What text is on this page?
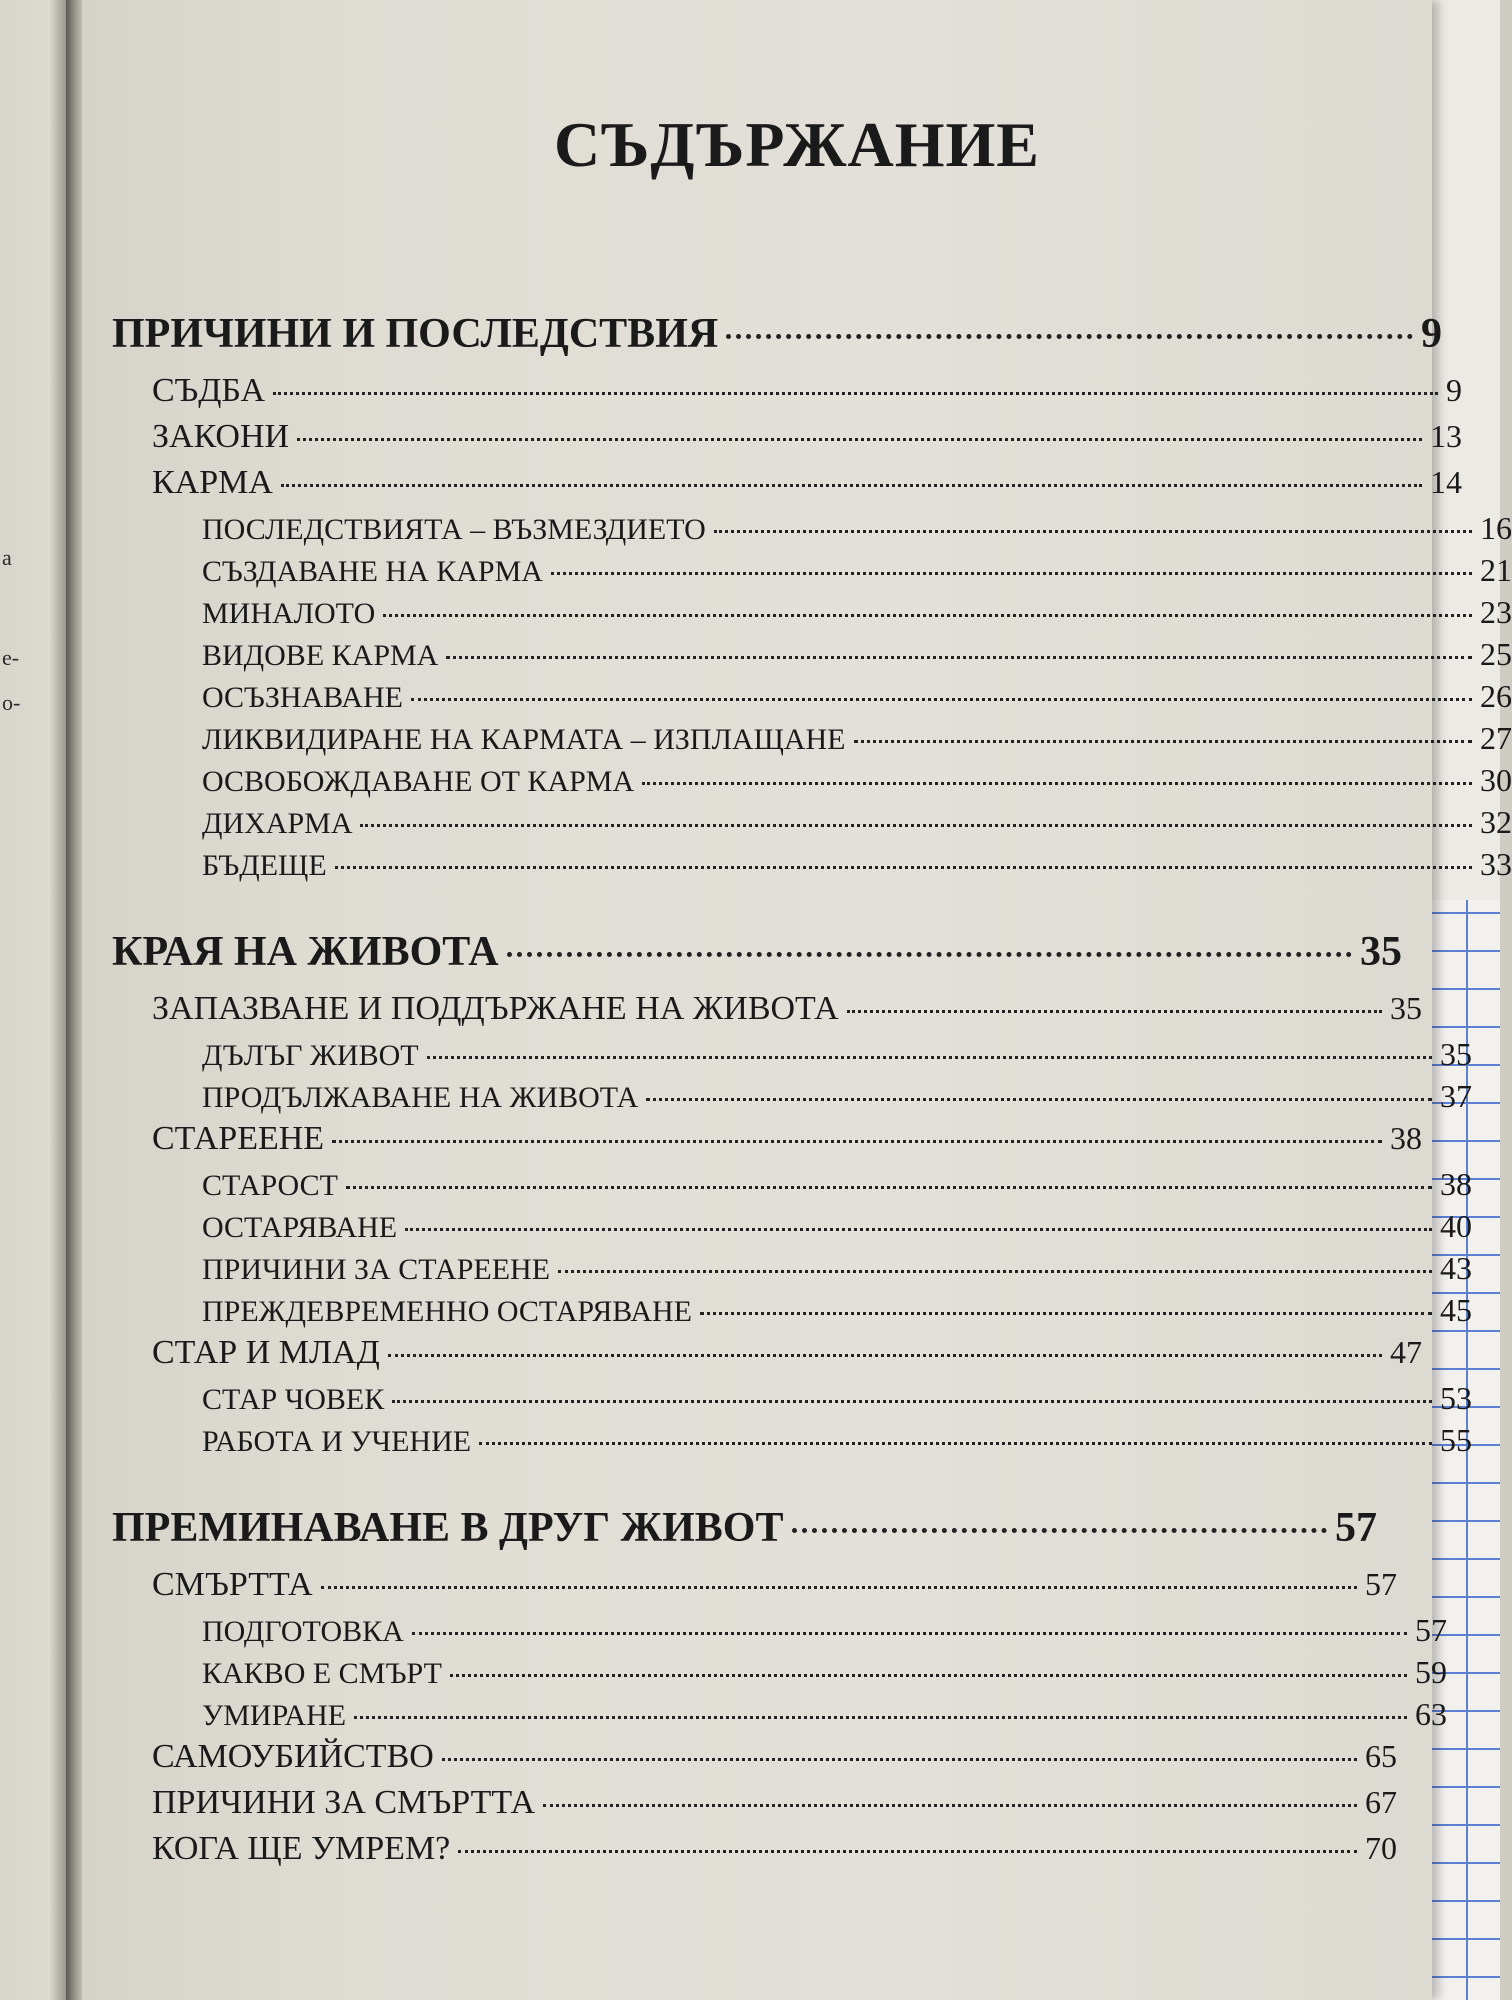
а
е-
о-
СЪДЪРЖАНИЕ
ПРИЧИНИ И ПОСЛЕДСТВИЯ	9
СЪДБА	9
ЗАКОНИ	13
КАРМА	14
ПОСЛЕДСТВИЯТА – ВЪЗМЕЗДИЕТО	16
СЪЗДАВАНЕ НА КАРМА	21
МИНАЛОТО	23
ВИДОВЕ КАРМА	25
ОСЪЗНАВАНЕ	26
ЛИКВИДИРАНЕ НА КАРМАТА – ИЗПЛАЩАНЕ	27
ОСВОБОЖДАВАНЕ ОТ КАРМА	30
ДИХАРМА	32
БЪДЕЩЕ	33
КРАЯ НА ЖИВОТА	35
ЗАПАЗВАНЕ И ПОДДЪРЖАНЕ НА ЖИВОТА	35
ДЪЛЪГ ЖИВОТ	35
ПРОДЪЛЖАВАНЕ НА ЖИВОТА	37
СТАРЕЕНЕ	38
СТАРОСТ	38
ОСТАРЯВАНЕ	40
ПРИЧИНИ ЗА СТАРЕЕНЕ	43
ПРЕЖДЕВРЕМЕННО ОСТАРЯВАНЕ	45
СТАР И МЛАД	47
СТАР ЧОВЕК	53
РАБОТА И УЧЕНИЕ	55
ПРЕМИНАВАНЕ В ДРУГ ЖИВОТ	57
СМЪРТТА	57
ПОДГОТОВКА	57
КАКВО Е СМЪРТ	59
УМИРАНЕ	63
САМОУБИЙСТВО	65
ПРИЧИНИ ЗА СМЪРТТА	67
КОГА ЩЕ УМРЕМ?	70
